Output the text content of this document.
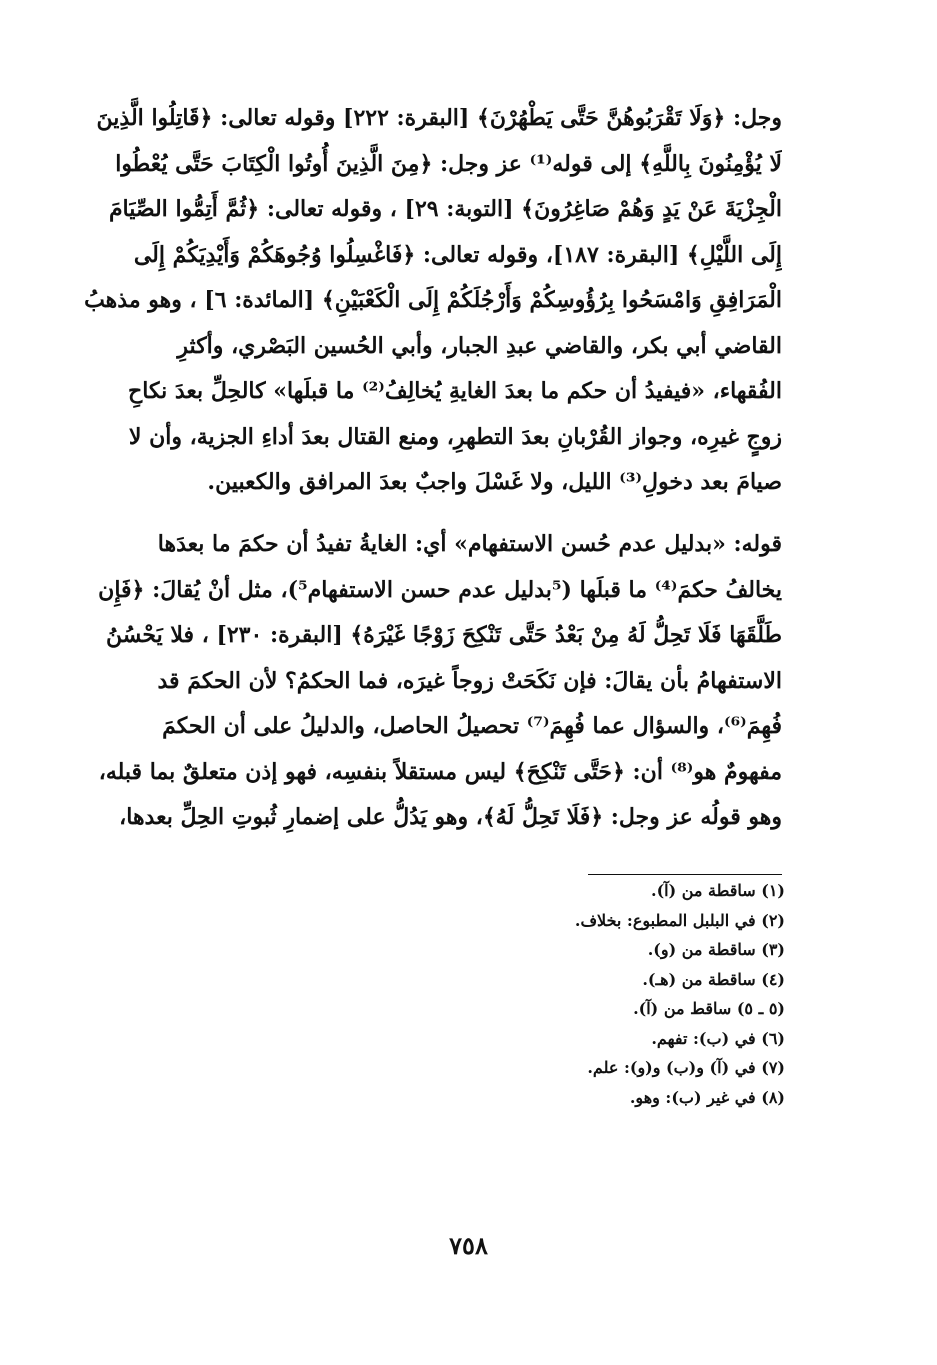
وجل: ﴿وَلَا تَقْرَبُوهُنَّ حَتَّى يَطْهُرْنَ﴾ [البقرة: ٢٢٢] وقوله تعالى: ﴿قَاتِلُوا الَّذِينَ
لَا يُؤْمِنُونَ بِاللَّهِ﴾ إلى قوله⁽¹⁾ عز وجل: ﴿مِنَ الَّذِينَ أُوتُوا الْكِتَابَ حَتَّى يُعْطُوا
الْجِزْيَةَ عَنْ يَدٍ وَهُمْ صَاغِرُونَ﴾ [التوبة: ٢٩] ، وقوله تعالى: ﴿ثُمَّ أَتِمُّوا الصِّيَامَ
إِلَى اللَّيْلِ﴾ [البقرة: ١٨٧]، وقوله تعالى: ﴿فَاغْسِلُوا وُجُوهَكُمْ وَأَيْدِيَكُمْ إِلَى
الْمَرَافِقِ وَامْسَحُوا بِرُؤُوسِكُمْ وَأَرْجُلَكُمْ إِلَى الْكَعْبَيْنِ﴾ [المائدة: ٦] ، وهو مذهبُ
القاضي أبي بكر، والقاضي عبدِ الجبار، وأبي الحُسين البَصْري، وأكثرِ
الفُقهاء، «فيفيدُ أن حكم ما بعدَ الغايةِ يُخالِفُ⁽²⁾ ما قبلَها» كالحِلِّ بعدَ نكاحِ
زوجٍ غيرِه، وجواز القُرْبانِ بعدَ التطهرِ، ومنع القتال بعدَ أداءِ الجزية، وأن لا
صيامَ بعد دخولِ⁽³⁾ الليل، ولا غَسْلَ واجبٌ بعدَ المرافق والكعبين.
قوله: «بدليل عدم حُسن الاستفهام» أي: الغايةُ تفيدُ أن حكمَ ما بعدَها
يخالفُ حكمَ⁽⁴⁾ ما قبلَها (⁵بدليل عدم حسن الاستفهام⁵)، مثل أنْ يُقالَ: ﴿فَإِن
طَلَّقَهَا فَلَا تَحِلُّ لَهُ مِنْ بَعْدُ حَتَّى تَنْكِحَ زَوْجًا غَيْرَهُ﴾ [البقرة: ٢٣٠] ، فلا يَحْسُنُ
الاستفهامُ بأن يقالَ: فإن نَكَحَتْ زوجاً غيرَه، فما الحكمُ؟ لأن الحكمَ قد
فُهِمَ⁽⁶⁾، والسؤال عما فُهِمَ⁽⁷⁾ تحصيلُ الحاصل، والدليلُ على أن الحكمَ
مفهومٌ هو⁽⁸⁾ أن: ﴿حَتَّى تَنْكِحَ﴾ ليس مستقلاً بنفسِه، فهو إذن متعلقٌ بما قبله،
وهو قولُه عز وجل: ﴿فَلَا تَحِلُّ لَهُ﴾، وهو يَدُلُّ على إضمارِ ثُبوتِ الحِلِّ بعدها،
(١) ساقطة من (آ).
(٢) في البلبل المطبوع: بخلاف.
(٣) ساقطة من (و).
(٤) ساقطة من (هـ).
(٥ ـ ٥) ساقط من (آ).
(٦) في (ب): تفهم.
(٧) في (آ) و(ب) و(و): علم.
(٨) في غير (ب): وهو.
٧٥٨
